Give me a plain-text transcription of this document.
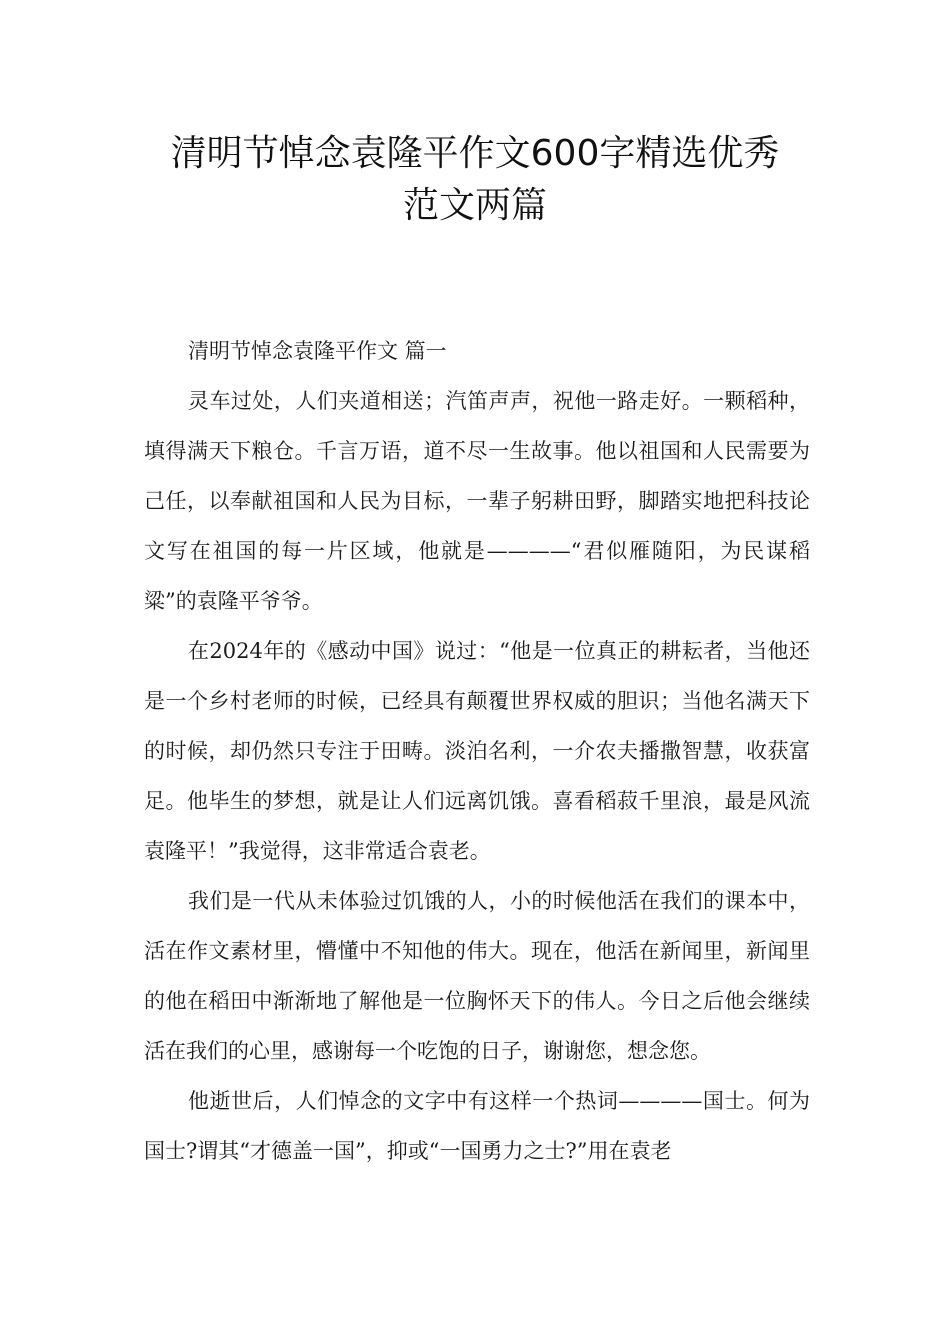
清明节悼念袁隆平作文600字精选优秀
范文两篇
清明节悼念袁隆平作文 篇一

灵车过处，人们夹道相送；汽笛声声，祝他一路走好。一颗稻种，填得满天下粮仓。千言万语，道不尽一生故事。他以祖国和人民需要为己任，以奉献祖国和人民为目标，一辈子躬耕田野，脚踏实地把科技论文写在祖国的每一片区域，他就是————“君似雁随阳，为民谋稻粱”的袁隆平爷爷。

在2024年的《感动中国》说过：“他是一位真正的耕耘者，当他还是一个乡村老师的时候，已经具有颠覆世界权威的胆识；当他名满天下的时候，却仍然只专注于田畴。淡泊名利，一介农夫播撒智慧，收获富足。他毕生的梦想，就是让人们远离饥饿。喜看稻菽千里浪，最是风流袁隆平！”我觉得，这非常适合袁老。

我们是一代从未体验过饥饿的人，小的时候他活在我们的课本中，活在作文素材里，懵懂中不知他的伟大。现在，他活在新闻里，新闻里的他在稻田中渐渐地了解他是一位胸怀天下的伟人。今日之后他会继续活在我们的心里，感谢每一个吃饱的日子，谢谢您，想念您。

他逝世后，人们悼念的文字中有这样一个热词————国士。何为国士?谓其“才德盖一国”，抑或“一国勇力之士?”用在袁老
